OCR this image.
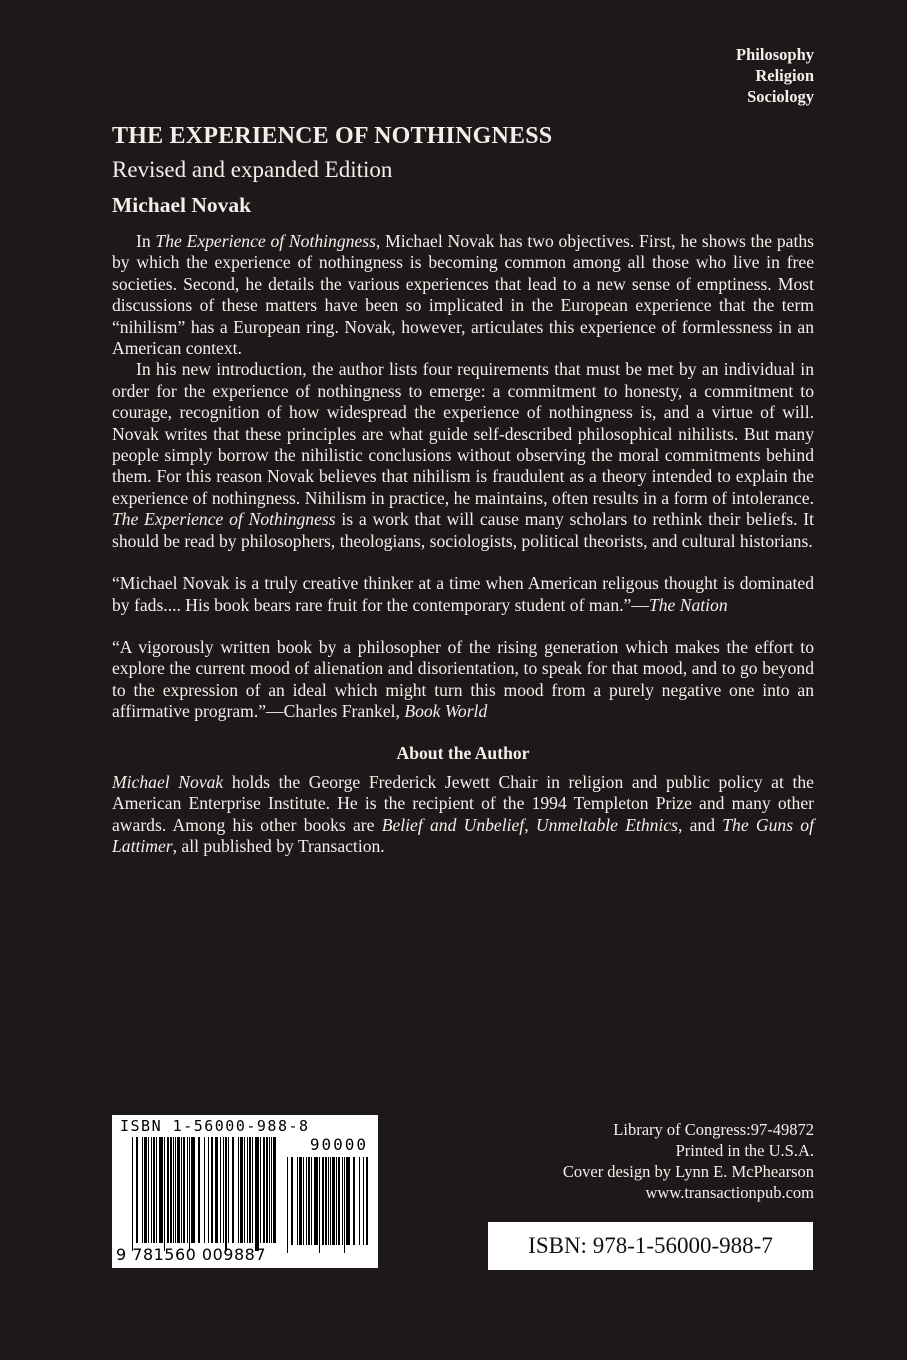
Philosophy
Religion
Sociology
THE EXPERIENCE OF NOTHINGNESS
Revised and expanded Edition
Michael Novak

In The Experience of Nothingness, Michael Novak has two objectives. First, he shows the paths by which the experience of nothingness is becoming common among all those who live in free societies. Second, he details the various experiences that lead to a new sense of emptiness. Most discussions of these matters have been so implicated in the European experience that the term “nihilism” has a European ring. Novak, however, articulates this experience of formlessness in an American context.

In his new introduction, the author lists four requirements that must be met by an individual in order for the experience of nothingness to emerge: a commitment to honesty, a commitment to courage, recognition of how widespread the experience of nothingness is, and a virtue of will. Novak writes that these principles are what guide self-described philosophical nihilists. But many people simply borrow the nihilistic conclusions without observing the moral commitments behind them. For this reason Novak believes that nihilism is fraudulent as a theory intended to explain the experience of nothingness. Nihilism in practice, he maintains, often results in a form of intolerance. The Experience of Nothingness is a work that will cause many scholars to rethink their beliefs. It should be read by philosophers, theologians, sociologists, political theorists, and cultural historians.

“Michael Novak is a truly creative thinker at a time when American religous thought is dominated by fads.... His book bears rare fruit for the contemporary student of man.”—The Nation

“A vigorously written book by a philosopher of the rising generation which makes the effort to explore the current mood of alienation and disorientation, to speak for that mood, and to go beyond to the expression of an ideal which might turn this mood from a purely negative one into an affirmative program.”—Charles Frankel, Book World

About the Author

Michael Novak holds the George Frederick Jewett Chair in religion and public policy at the American Enterprise Institute. He is the recipient of the 1994 Templeton Prize and many other awards. Among his other books are Belief and Unbelief, Unmeltable Ethnics, and The Guns of Lattimer, all published by Transaction.

ISBN 1-56000-988-8
90000
9 781560 009887
Library of Congress:97-49872
Printed in the U.S.A.
Cover design by Lynn E. McPhearson
www.transactionpub.com
ISBN: 978-1-56000-988-7
